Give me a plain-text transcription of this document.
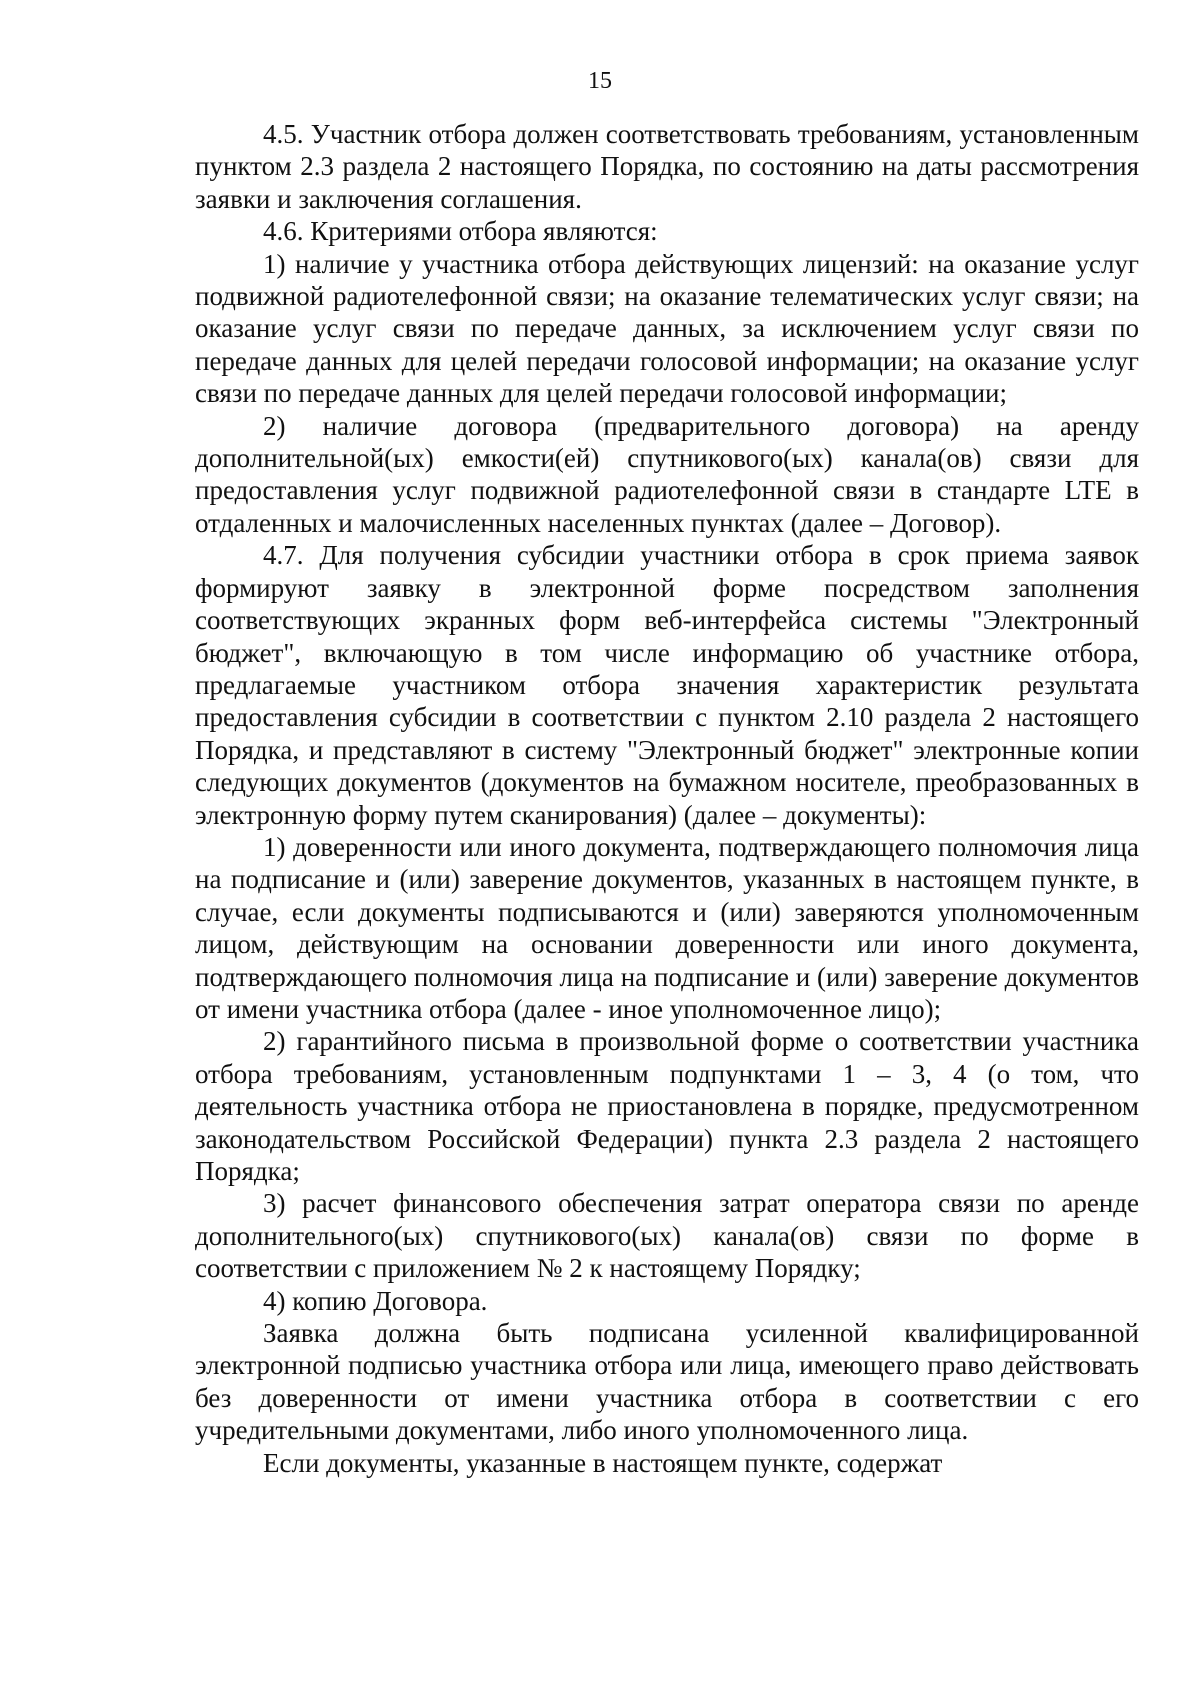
15

4.5. Участник отбора должен соответствовать требованиям, установленным пунктом 2.3 раздела 2 настоящего Порядка, по состоянию на даты рассмотрения заявки и заключения соглашения.

4.6. Критериями отбора являются:

1) наличие у участника отбора действующих лицензий: на оказание услуг подвижной радиотелефонной связи; на оказание телематических услуг связи; на оказание услуг связи по передаче данных, за исключением услуг связи по передаче данных для целей передачи голосовой информации; на оказание услуг связи по передаче данных для целей передачи голосовой информации;

2) наличие договора (предварительного договора) на аренду дополнительной(ых) емкости(ей) спутникового(ых) канала(ов) связи для предоставления услуг подвижной радиотелефонной связи в стандарте LTE в отдаленных и малочисленных населенных пунктах (далее – Договор).

4.7. Для получения субсидии участники отбора в срок приема заявок формируют заявку в электронной форме посредством заполнения соответствующих экранных форм веб-интерфейса системы "Электронный бюджет", включающую в том числе информацию об участнике отбора, предлагаемые участником отбора значения характеристик результата предоставления субсидии в соответствии с пунктом 2.10 раздела 2 настоящего Порядка, и представляют в систему "Электронный бюджет" электронные копии следующих документов (документов на бумажном носителе, преобразованных в электронную форму путем сканирования) (далее – документы):

1) доверенности или иного документа, подтверждающего полномочия лица на подписание и (или) заверение документов, указанных в настоящем пункте, в случае, если документы подписываются и (или) заверяются уполномоченным лицом, действующим на основании доверенности или иного документа, подтверждающего полномочия лица на подписание и (или) заверение документов от имени участника отбора (далее - иное уполномоченное лицо);

2) гарантийного письма в произвольной форме о соответствии участника отбора требованиям, установленным подпунктами 1 – 3, 4 (о том, что деятельность участника отбора не приостановлена в порядке, предусмотренном законодательством Российской Федерации) пункта 2.3 раздела 2 настоящего Порядка;

3) расчет финансового обеспечения затрат оператора связи по аренде дополнительного(ых) спутникового(ых) канала(ов) связи по форме в соответствии с приложением № 2 к настоящему Порядку;

4) копию Договора.

Заявка должна быть подписана усиленной квалифицированной электронной подписью участника отбора или лица, имеющего право действовать без доверенности от имени участника отбора в соответствии с его учредительными документами, либо иного уполномоченного лица.

Если документы, указанные в настоящем пункте, содержат
